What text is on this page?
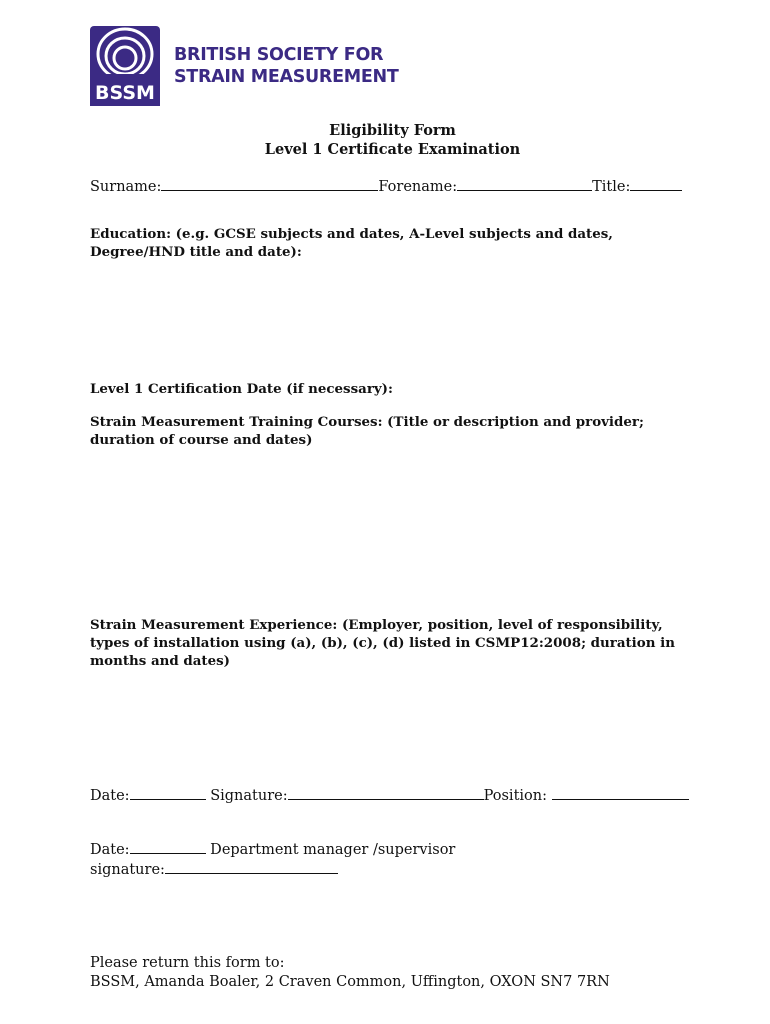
BSSM
BRITISH SOCIETY FOR
STRAIN MEASUREMENT
Eligibility Form
Level 1 Certificate Examination
Surname:	Forename:	Title:
Education: (e.g. GCSE subjects and dates, A-Level subjects and dates,
Degree/HND title and date):
Level 1 Certification Date (if necessary):
Strain Measurement Training Courses: (Title or description and provider;
duration of course and dates)
Strain Measurement Experience: (Employer, position, level of responsibility,
types of installation using (a), (b), (c), (d) listed in CSMP12:2008; duration in
months and dates)
Date:	Signature:	Position:
Date:	Department manager /supervisor
signature:
Please return this form to:
BSSM, Amanda Boaler, 2 Craven Common, Uffington, OXON SN7 7RN
